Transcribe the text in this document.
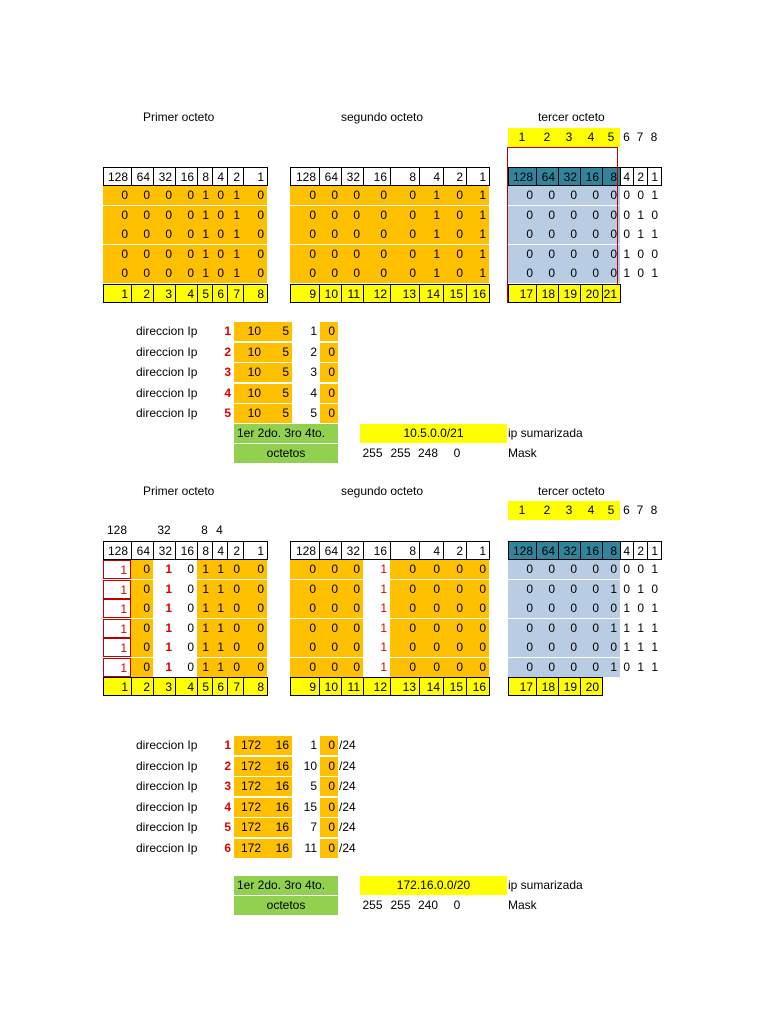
Primer octeto	segundo octeto	tercer octeto
1	2	3	4	5 6 7 8
128 64 32 16 8 4 2	1	128 64 32	16	8	4	2	1	128 64 32 16 8 4 2 1
0	0	0	0 1 0 1	0	0	0	0	0	0	1	0	1	0	0	0	0 0 0 0 1
0	0	0	0 1 0 1	0	0	0	0	0	0	1	0	1	0	0	0	0 0 0 1 0
0	0	0	0 1 0 1	0	0	0	0	0	0	1	0	1	0	0	0	0 0 0 1 1
0	0	0	0 1 0 1	0	0	0	0	0	0	1	0	1	0	0	0	0 0 1 0 0
0	0	0	0 1 0 1	0	0	0	0	0	0	1	0	1	0	0	0	0 0 1 0 1
1	2	3	4 5 6 7	8	9 10 11	12	13 14 15 16	17 18 19 20 21
direccion Ip	1	10	5	1 0
direccion Ip	2	10	5	2 0
direccion Ip	3	10	5	3 0
direccion Ip	4	10	5	4 0
direccion Ip	5	10	5	5 0
1er 2do. 3ro 4to.
octetos
10.5.0.0/21	ip sumarizada
255 255 248	0	Mask
Primer octeto	segundo octeto	tercer octeto
1	2	3	4	5 6 7 8
128	32	8 4
128 64 32 16 8 4 2	1	128 64 32	16	8	4	2	1	128 64 32 16 8 4 2 1
1	0	1	0 1 1 0	0	0	0	0	1	0	0	0	0	0	0	0	0 0 0 0 1
1	0	1	0 1 1 0	0	0	0	0	1	0	0	0	0	0	0	0	0 1 0 1 0
1	0	1	0 1 1 0	0	0	0	0	1	0	0	0	0	0	0	0	0 0 1 0 1
1	0	1	0 1 1 0	0	0	0	0	1	0	0	0	0	0	0	0	0 1 1 1 1
1	0	1	0 1 1 0	0	0	0	0	1	0	0	0	0	0	0	0	0 0 1 1 1
1	0	1	0 1 1 0	0	0	0	0	1	0	0	0	0	0	0	0	0 1 0 1 1
1	2	3	4 5 6 7	8	9 10 11	12	13 14 15 16	17 18 19 20
direccion Ip	1 172	16	1 0 /24
direccion Ip	2 172	16	10 0 /24
direccion Ip	3 172	16	5 0 /24
direccion Ip	4 172	16	15 0 /24
direccion Ip	5 172	16	7 0 /24
direccion Ip	6 172	16	11 0 /24
1er 2do. 3ro 4to.
octetos
172.16.0.0/20	ip sumarizada
255 255 240	0	Mask
